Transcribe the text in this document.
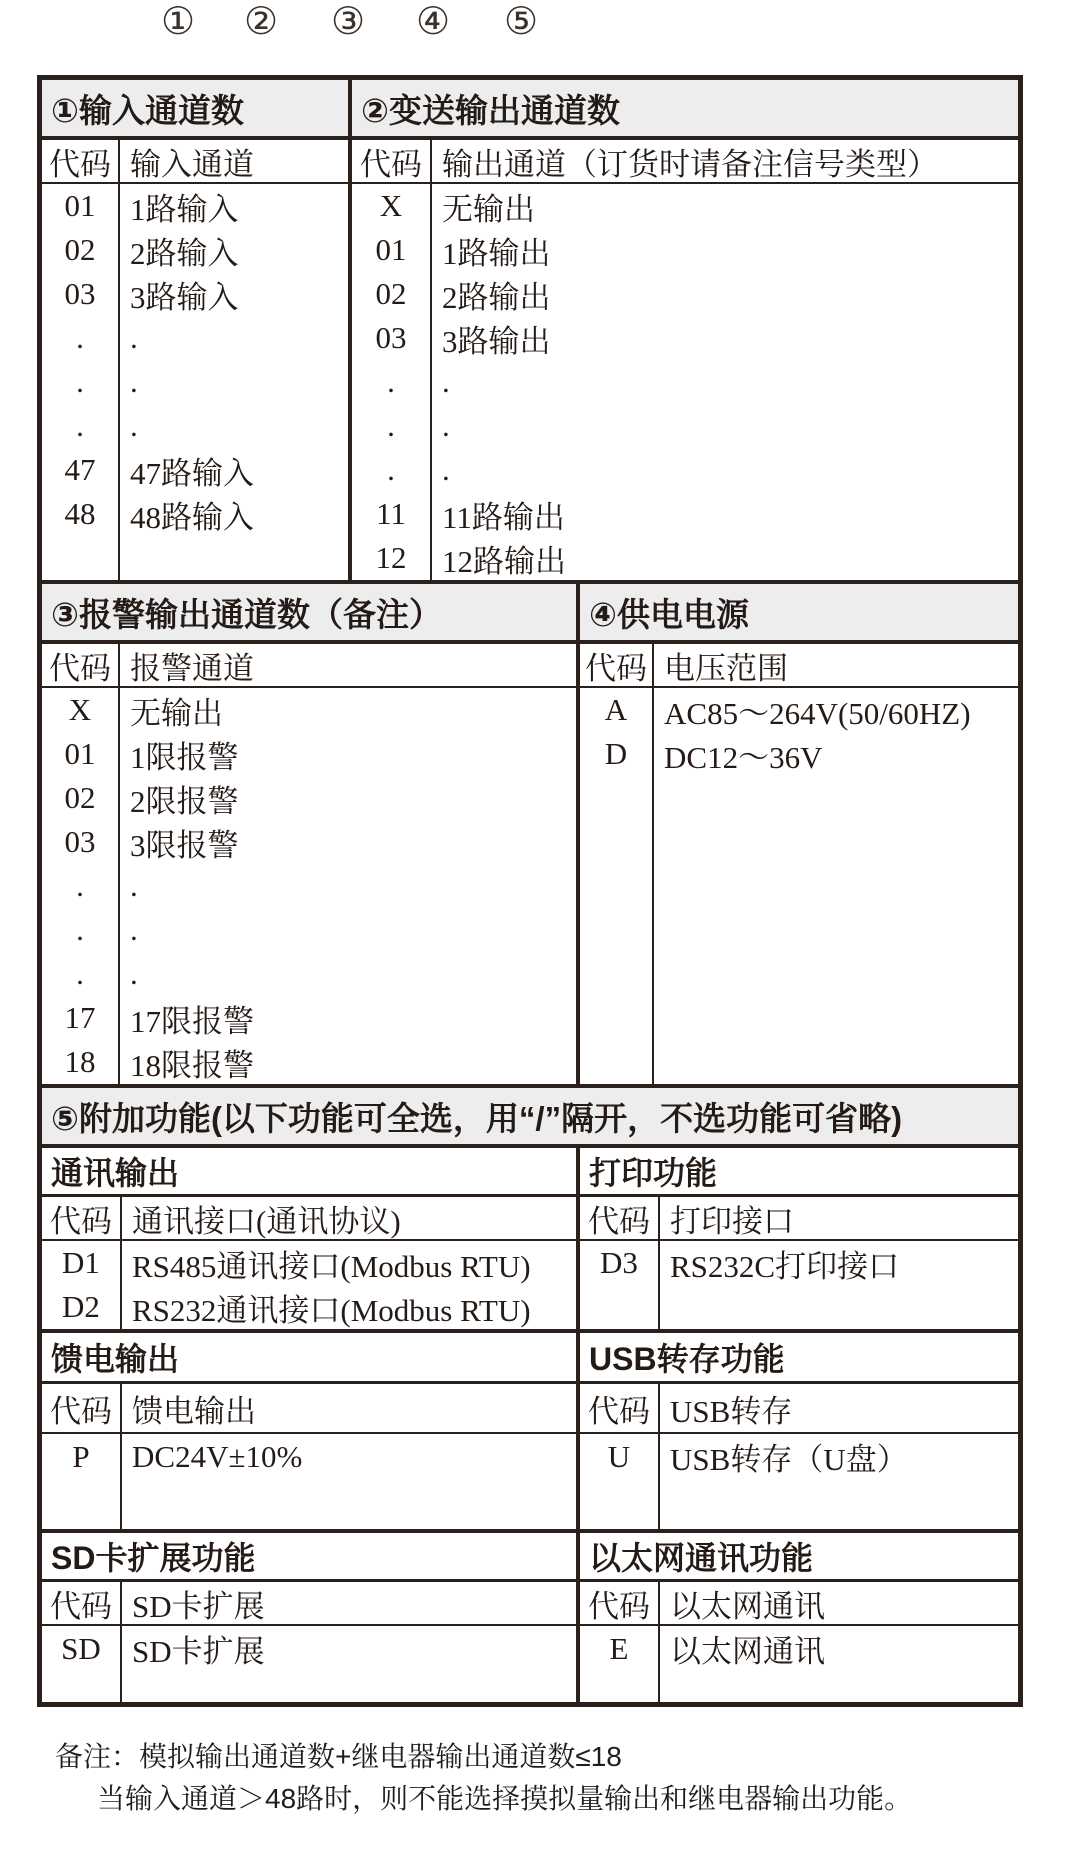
① ② ③ ④ ⑤
①输入通道数	②变送输出通道数
代码 输入通道
01	1路输入
02	2路输入
03	3路输入
.	.
.	.
.	.
47	47路输入
48	48路输入
代码 输出通道（订货时请备注信号类型）
X	无输出
01	1路输出
02	2路输出
03	3路输出
.	.
.	.
.	.
11	11路输出
12	12路输出
③报警输出通道数（备注）	④供电电源
代码 报警通道
X	无输出
01	1限报警
02	2限报警
03	3限报警
.	.
.	.
.	.
17	17限报警
18	18限报警
代码 电压范围
A	AC85～264V(50/60HZ)
D	DC12～36V
⑤附加功能(以下功能可全选，用“/”隔开，不选功能可省略)
通讯输出	打印功能
代码 通讯接口(通讯协议)
D1	RS485通讯接口(Modbus RTU)
D2	RS232通讯接口(Modbus RTU)
代码 打印接口
D3	RS232C打印接口
馈电输出	USB转存功能
代码 馈电输出
P	DC24V±10%
代码 USB转存
U	USB转存（U盘）
SD卡扩展功能	以太网通讯功能
代码 SD卡扩展
SD	SD卡扩展
代码 以太网通讯
E	以太网通讯
备注：模拟输出通道数+继电器输出通道数≤18
当输入通道＞48路时，则不能选择摸拟量输出和继电器输出功能。
